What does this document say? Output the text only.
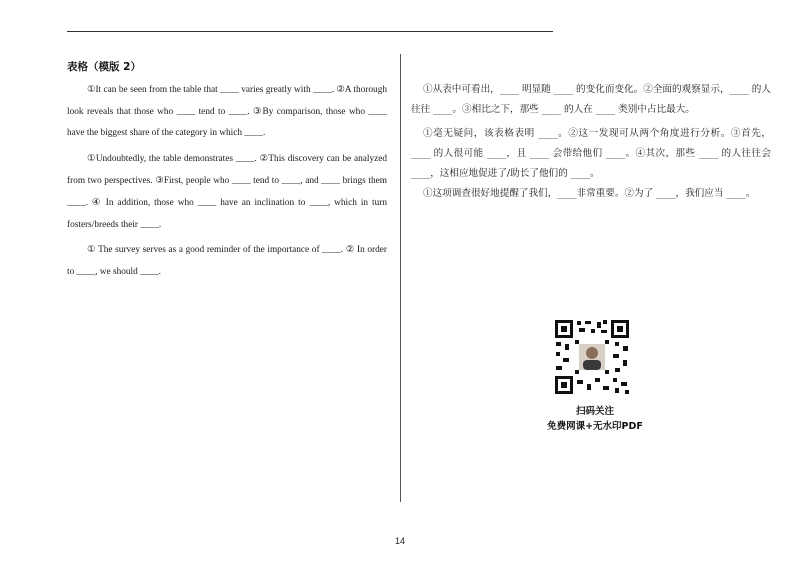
表格（模版 2）

①It can be seen from the table that ____ varies greatly with ____. ②A thorough look reveals that those who ____ tend to ____. ③By comparison, those who ____ have the biggest share of the category in which ____.

①Undoubtedly, the table demonstrates ____. ②This discovery can be analyzed from two perspectives. ③First, people who ____ tend to ____, and ____ brings them ____. ④ In addition, those who ____ have an inclination to ____, which in turn fosters/breeds their ____.

① The survey serves as a good reminder of the importance of ____. ② In order to ____, we should ____.

①从表中可看出，____ 明显随 ____ 的变化而变化。②全面的观察显示，____ 的人往往 ____。③相比之下，那些 ____ 的人在 ____ 类别中占比最大。

①毫无疑问，该表格表明 ____。②这一发现可从两个角度进行分析。③首先，____ 的人很可能 ____，且 ____ 会带给他们 ____。④其次，那些 ____ 的人往往会 ____，这相应地促进了/助长了他们的 ____。

①这项调查很好地提醒了我们，____非常重要。②为了 ____，我们应当 ____。

扫码关注
免费网课+无水印PDF
14
